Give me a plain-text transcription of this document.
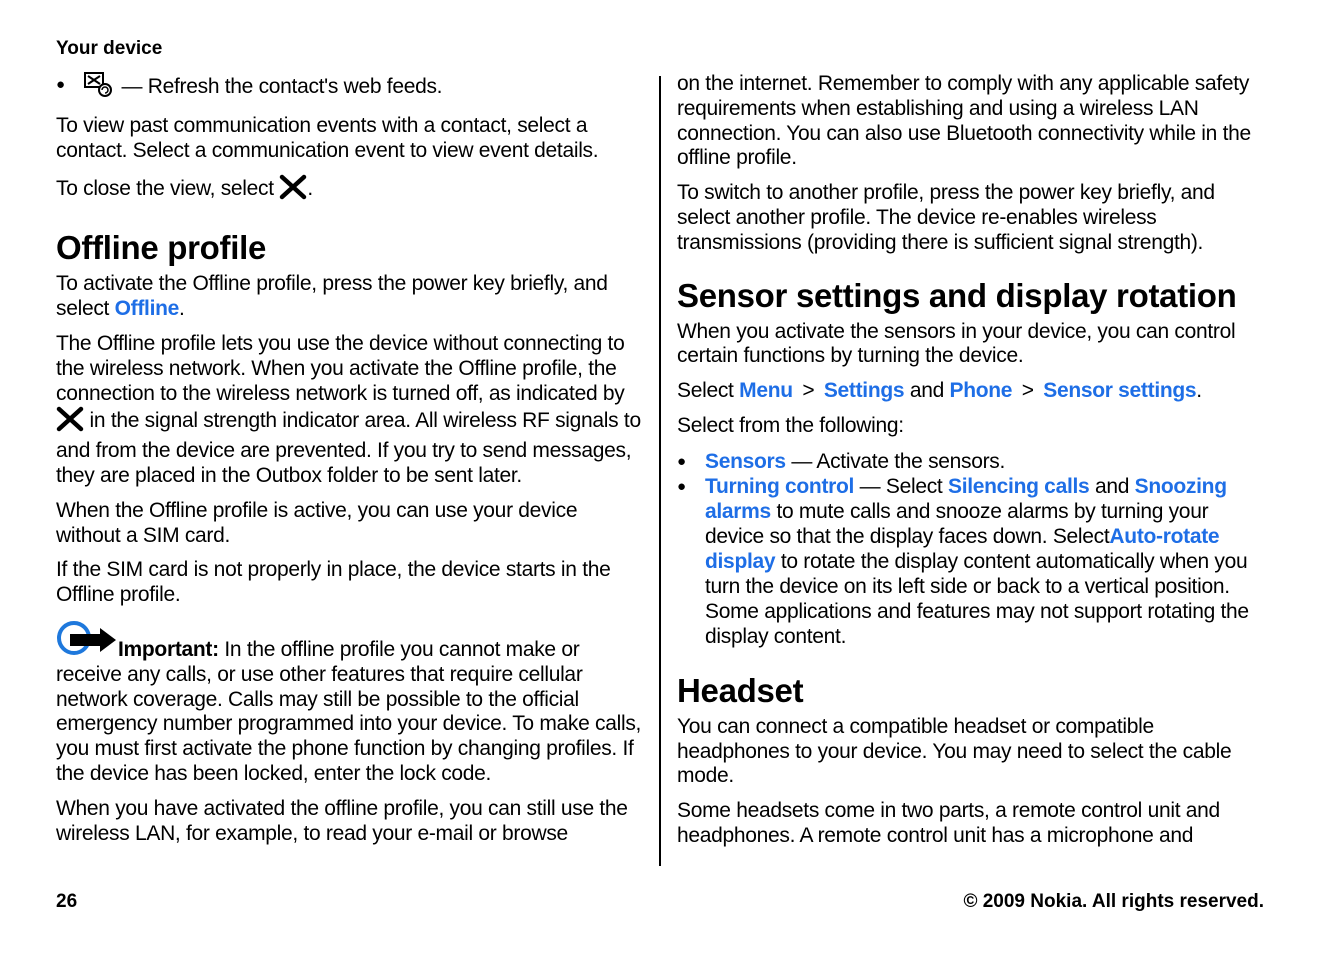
Your device
● — Refresh the contact's web feeds.

To view past communication events with a contact, select a contact. Select a communication event to view event details.

To close the view, select .

Offline profile

To activate the Offline profile, press the power key briefly, and select Offline.

The Offline profile lets you use the device without connecting to the wireless network. When you activate the Offline profile, the connection to the wireless network is turned off, as indicated by  in the signal strength indicator area. All wireless RF signals to and from the device are prevented. If you try to send messages, they are placed in the Outbox folder to be sent later.

When the Offline profile is active, you can use your device without a SIM card.

If the SIM card is not properly in place, the device starts in the Offline profile.

Important: In the offline profile you cannot make or receive any calls, or use other features that require cellular network coverage. Calls may still be possible to the official emergency number programmed into your device. To make calls, you must first activate the phone function by changing profiles. If the device has been locked, enter the lock code.

When you have activated the offline profile, you can still use the wireless LAN, for example, to read your e-mail or browse

on the internet. Remember to comply with any applicable safety requirements when establishing and using a wireless LAN connection. You can also use Bluetooth connectivity while in the offline profile.

To switch to another profile, press the power key briefly, and select another profile. The device re-enables wireless transmissions (providing there is sufficient signal strength).

Sensor settings and display rotation

When you activate the sensors in your device, you can control certain functions by turning the device.

Select Menu > Settings and Phone > Sensor settings.

Select from the following:

● Sensors — Activate the sensors.
● Turning control — Select Silencing calls and Snoozing alarms to mute calls and snooze alarms by turning your device so that the display faces down. SelectAuto-rotate display to rotate the display content automatically when you turn the device on its left side or back to a vertical position. Some applications and features may not support rotating the display content.
Headset

You can connect a compatible headset or compatible headphones to your device. You may need to select the cable mode.

Some headsets come in two parts, a remote control unit and headphones. A remote control unit has a microphone and

26	© 2009 Nokia. All rights reserved.
